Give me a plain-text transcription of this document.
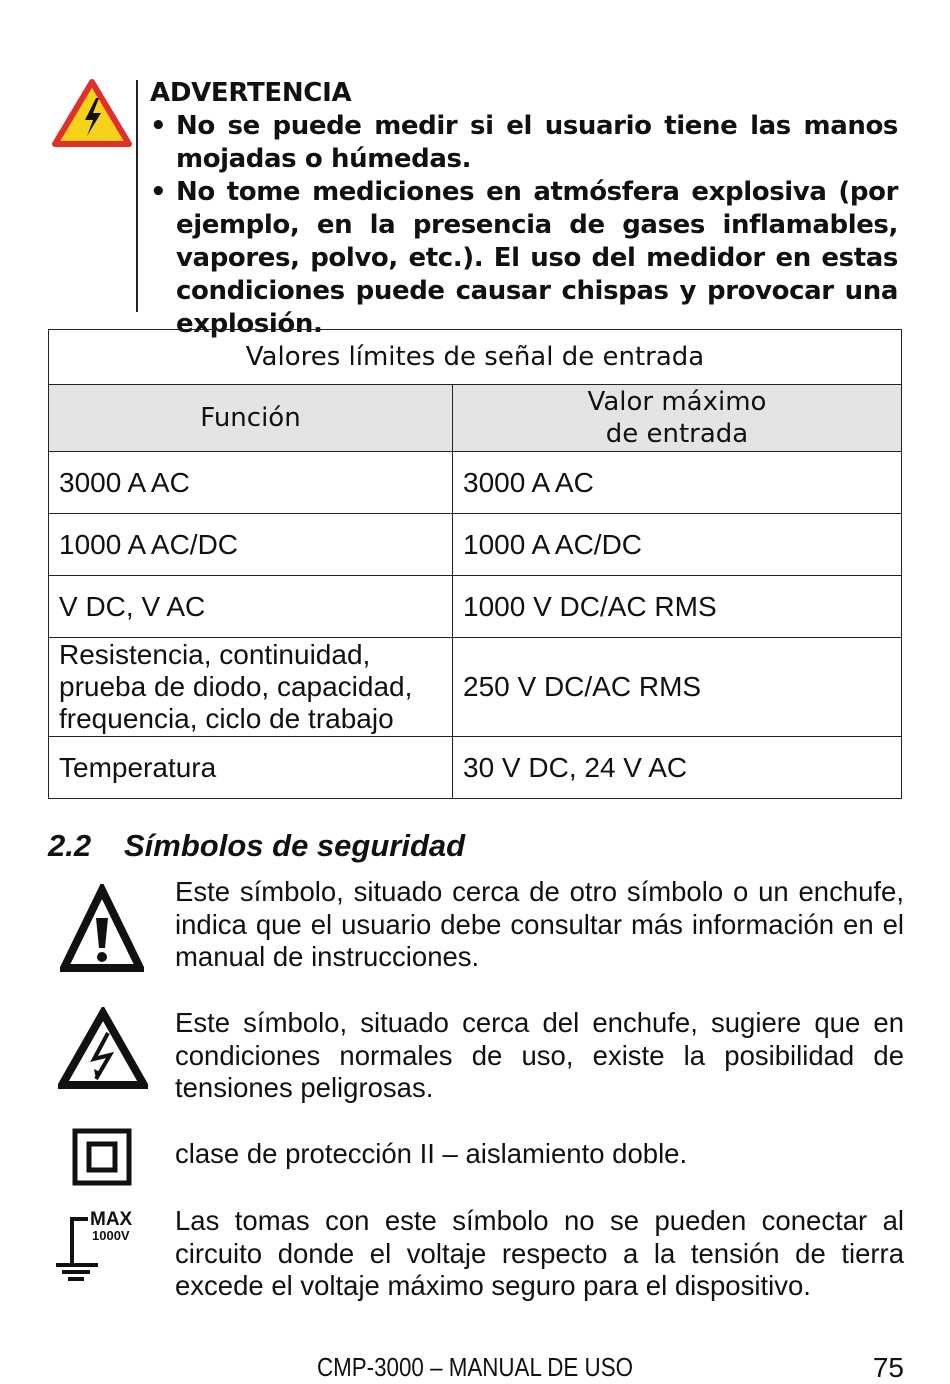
ADVERTENCIA
• No se puede medir si el usuario tiene las manos mojadas o húmedas.
• No tome mediciones en atmósfera explosiva (por ejemplo, en la presencia de gases inflamables, vapores, polvo, etc.). El uso del medidor en estas condiciones puede causar chispas y provocar una explosión.
Valores límites de señal de entrada	
Función	Valor máximo
de entrada
3000 A AC	3000 A AC
1000 A AC/DC	1000 A AC/DC
V DC, V AC	1000 V DC/AC RMS
Resistencia, continuidad, prueba de diodo, capacidad, frequencia, ciclo de trabajo	250 V DC/AC RMS
Temperatura	30 V DC, 24 V AC
2.2 Símbolos de seguridad
Este símbolo, situado cerca de otro símbolo o un enchufe, indica que el usuario debe consultar más información en el manual de instrucciones.
Este símbolo, situado cerca del enchufe, sugiere que en condiciones normales de uso, existe la posibilidad de tensiones peligrosas.
clase de protección II – aislamiento doble.
MAX
1000V Las tomas con este símbolo no se pueden conectar al circuito donde el voltaje respecto a la tensión de tierra excede el voltaje máximo seguro para el dispositivo.
CMP-3000 – MANUAL DE USO	75
